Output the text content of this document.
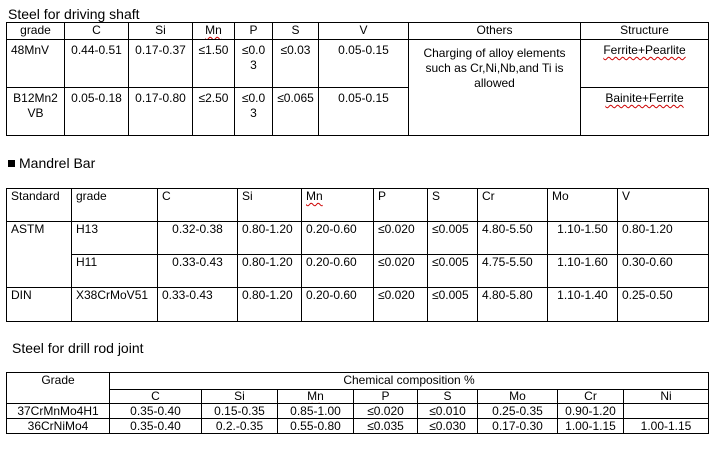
Steel for driving shaft
grade	C	Si	Mn	P	S	V	Others	Structure
48MnV	0.44-0.51	0.17-0.37	≤1.50	≤0.03	≤0.03	0.05-0.15	Charging of alloy elements such as Cr,Ni,Nb,and Ti is allowed	Ferrite+Pearlite
B12Mn2VB	0.05-0.18	0.17-0.80	≤2.50	≤0.03	≤0.065	0.05-0.15		Bainite+Ferrite
Mandrel Bar
Standard	grade	C	Si	Mn	P	S	Cr	Mo	V
ASTM	H13	0.32-0.38	0.80-1.20	0.20-0.60	≤0.020	≤0.005	4.80-5.50	1.10-1.50	0.80-1.20
	H11	0.33-0.43	0.80-1.20	0.20-0.60	≤0.020	≤0.005	4.75-5.50	1.10-1.60	0.30-0.60
DIN	X38CrMoV51	0.33-0.43	0.80-1.20	0.20-0.60	≤0.020	≤0.005	4.80-5.80	1.10-1.40	0.25-0.50
Steel for drill rod joint
Grade	Chemical composition %							
	C	Si	Mn	P	S	Mo	Cr	Ni
37CrMnMo4H1	0.35-0.40	0.15-0.35	0.85-1.00	≤0.020	≤0.010	0.25-0.35	0.90-1.20	
36CrNiMo4	0.35-0.40	0.2.-0.35	0.55-0.80	≤0.035	≤0.030	0.17-0.30	1.00-1.15	1.00-1.15
